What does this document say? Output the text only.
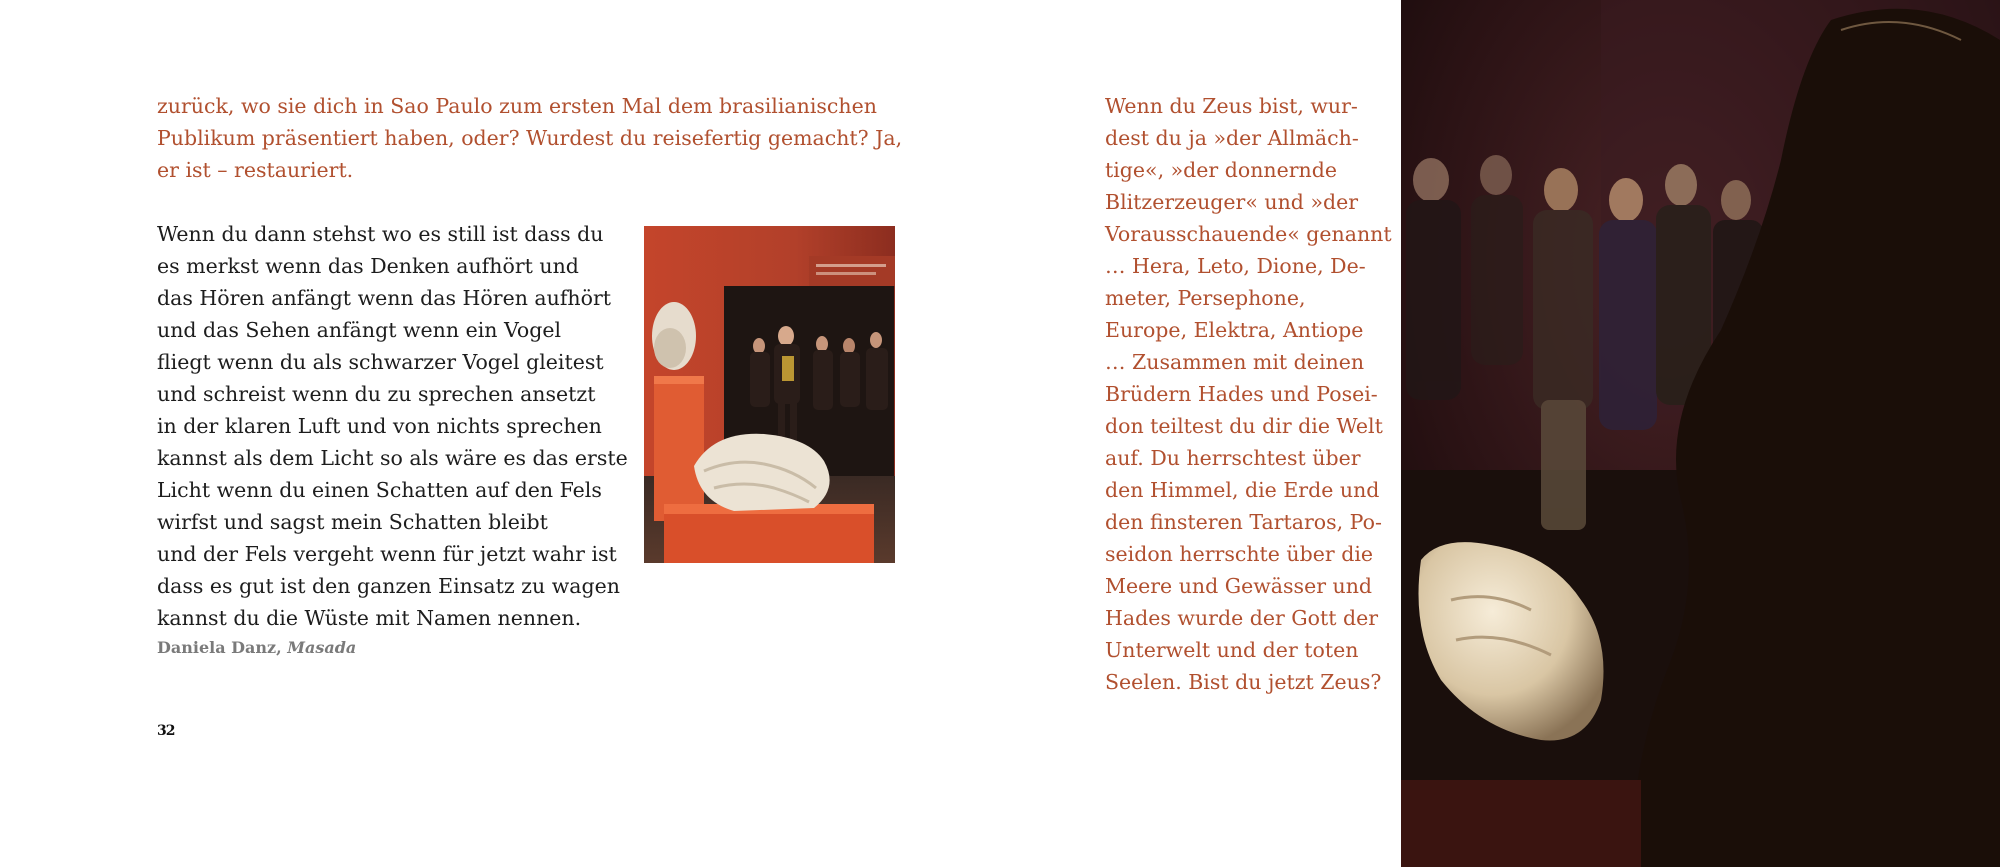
zurück, wo sie dich in Sao Paulo zum ersten Mal dem brasilianischen Publikum präsentiert haben, oder? Wurdest du reisefertig gemacht? Ja, er ist – restauriert.

Wenn du dann stehst wo es still ist dass du
es merkst wenn das Denken aufhört und
das Hören anfängt wenn das Hören aufhört
und das Sehen anfängt wenn ein Vogel
fliegt wenn du als schwarzer Vogel gleitest
und schreist wenn du zu sprechen ansetzt
in der klaren Luft und von nichts sprechen
kannst als dem Licht so als wäre es das erste
Licht wenn du einen Schatten auf den Fels
wirfst und sagst mein Schatten bleibt
und der Fels vergeht wenn für jetzt wahr ist
dass es gut ist den ganzen Einsatz zu wagen
kannst du die Wüste mit Namen nennen.

Daniela Danz, Masada

32
Wenn du Zeus bist, wur-
dest du ja »der Allmäch-
tige«, »der donnernde
Blitzerzeuger« und »der
Vorausschauende« genannt
… Hera, Leto, Dione, De-
meter, Persephone,
Europe, Elektra, Antiope
… Zusammen mit deinen
Brüdern Hades und Posei-
don teiltest du dir die Welt
auf. Du herrschtest über
den Himmel, die Erde und
den finsteren Tartaros, Po-
seidon herrschte über die
Meere und Gewässer und
Hades wurde der Gott der
Unterwelt und der toten
Seelen. Bist du jetzt Zeus?
